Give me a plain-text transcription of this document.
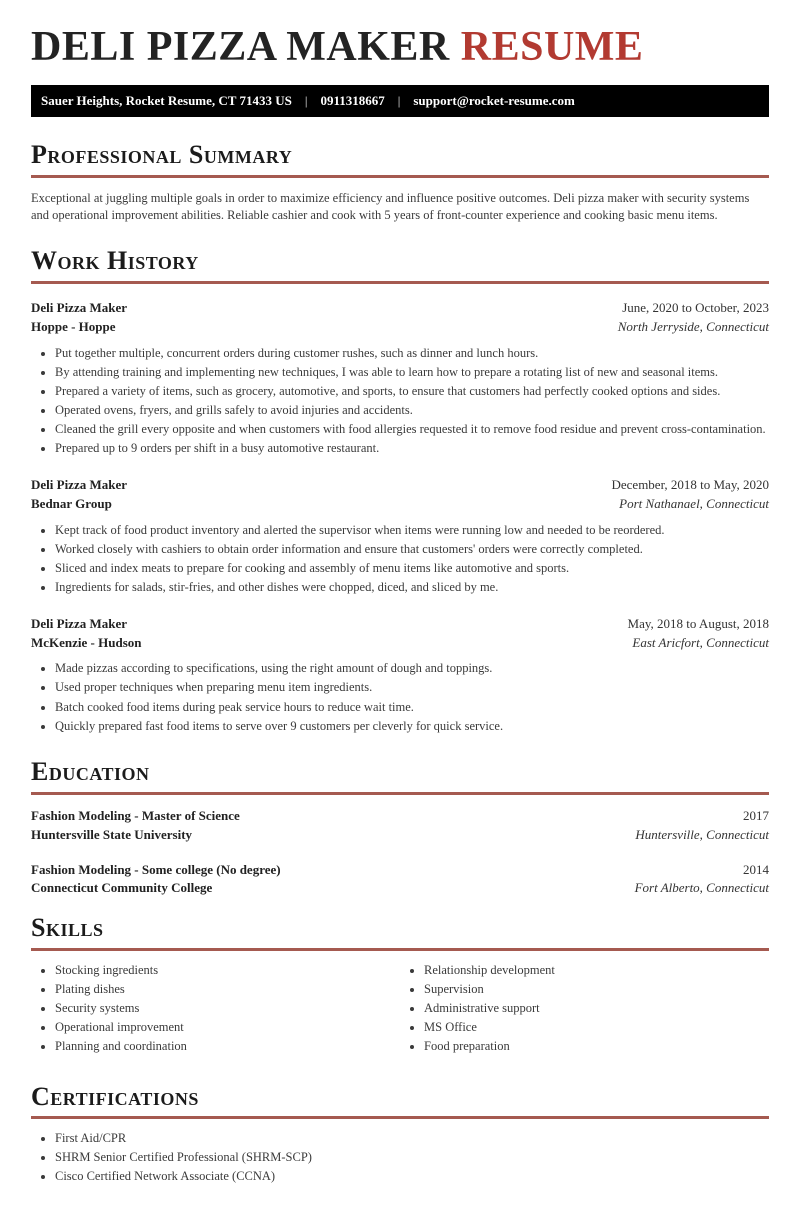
DELI PIZZA MAKER RESUME
Sauer Heights, Rocket Resume, CT 71433 US	|	0911318667	|	support@rocket-resume.com
Professional Summary

Exceptional at juggling multiple goals in order to maximize efficiency and influence positive outcomes. Deli pizza maker with security systems and operational improvement abilities. Reliable cashier and cook with 5 years of front-counter experience and cooking basic menu items.

Work History
Deli Pizza Maker	June, 2020 to October, 2023
Hoppe - Hoppe	North Jerryside, Connecticut
• Put together multiple, concurrent orders during customer rushes, such as dinner and lunch hours.
• By attending training and implementing new techniques, I was able to learn how to prepare a rotating list of new and seasonal items.
• Prepared a variety of items, such as grocery, automotive, and sports, to ensure that customers had perfectly cooked options and sides.
• Operated ovens, fryers, and grills safely to avoid injuries and accidents.
• Cleaned the grill every opposite and when customers with food allergies requested it to remove food residue and prevent cross-contamination.
• Prepared up to 9 orders per shift in a busy automotive restaurant.
Deli Pizza Maker	December, 2018 to May, 2020
Bednar Group	Port Nathanael, Connecticut
• Kept track of food product inventory and alerted the supervisor when items were running low and needed to be reordered.
• Worked closely with cashiers to obtain order information and ensure that customers' orders were correctly completed.
• Sliced and index meats to prepare for cooking and assembly of menu items like automotive and sports.
• Ingredients for salads, stir-fries, and other dishes were chopped, diced, and sliced by me.
Deli Pizza Maker	May, 2018 to August, 2018
McKenzie - Hudson	East Aricfort, Connecticut
• Made pizzas according to specifications, using the right amount of dough and toppings.
• Used proper techniques when preparing menu item ingredients.
• Batch cooked food items during peak service hours to reduce wait time.
• Quickly prepared fast food items to serve over 9 customers per cleverly for quick service.
Education
Fashion Modeling - Master of Science	2017
Huntersville State University	Huntersville, Connecticut
Fashion Modeling - Some college (No degree)	2014
Connecticut Community College	Fort Alberto, Connecticut
Skills
• Stocking ingredients
• Plating dishes
• Security systems
• Operational improvement
• Planning and coordination
• Relationship development
• Supervision
• Administrative support
• MS Office
• Food preparation
Certifications
• First Aid/CPR
• SHRM Senior Certified Professional (SHRM-SCP)
• Cisco Certified Network Associate (CCNA)
